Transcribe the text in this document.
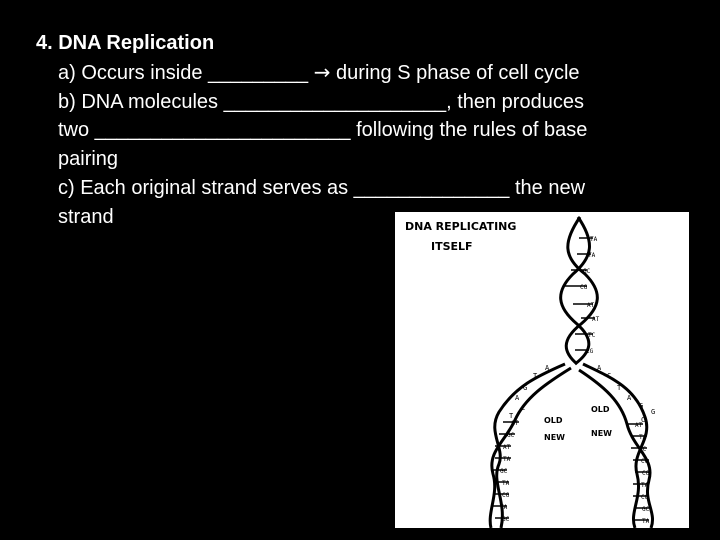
4. DNA Replication
a) Occurs inside _________ → during S phase of cell cycle
b) DNA molecules ____________________, then produces
two _______________________ following the rules of base
pairing
c) Each original strand serves as ______________ the new
strand	DNA REPLICATING
ITSELF
TA
TA
GC
CG
AT
AT
TC
CG
AT
GC
AT
TA
GC
TA
CG
TA
GC
AT
TA
GC
CG
CG
TA
CG
GC
TA
A
T
G
A
C
T
A
C
T
A
G
G
C
OLD
NEW
OLD
NEW
